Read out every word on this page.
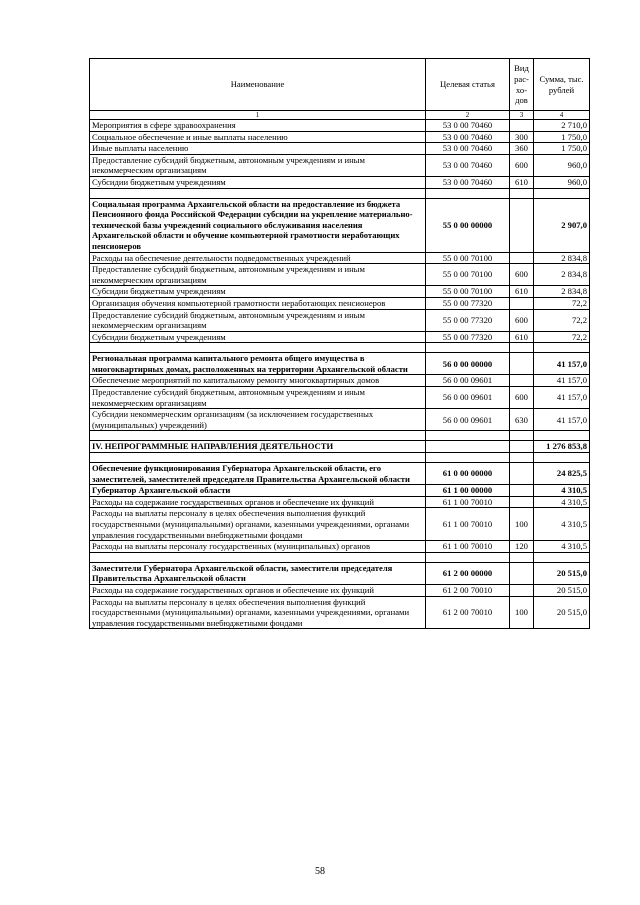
Наименование	Целевая статья	Вид рас-хо-дов	Сумма, тыс. рублей
1	2	3	4
Мероприятия в сфере здравоохранения	53 0 00 70460		2 710,0
Социальное обеспечение и иные выплаты населению	53 0 00 70460	300	1 750,0
Иные выплаты населению	53 0 00 70460	360	1 750,0
Предоставление субсидий бюджетным, автономным учреждениям и иным некоммерческим организациям	53 0 00 70460	600	960,0
Субсидии бюджетным учреждениям	53 0 00 70460	610	960,0

Социальная программа Архангельской области на предоставление из бюджета Пенсионного фонда Российской Федерации субсидии на укрепление материально-технической базы учреждений социального обслуживания населения Архангельской области и обучение компьютерной грамотности неработающих пенсионеров	55 0 00 00000		2 907,0
Расходы на обеспечение деятельности подведомственных учреждений	55 0 00 70100		2 834,8
Предоставление субсидий бюджетным, автономным учреждениям и иным некоммерческим организациям	55 0 00 70100	600	2 834,8
Субсидии бюджетным учреждениям	55 0 00 70100	610	2 834,8
Организация обучения компьютерной грамотности неработающих пенсионеров	55 0 00 77320		72,2
Предоставление субсидий бюджетным, автономным учреждениям и иным некоммерческим организациям	55 0 00 77320	600	72,2
Субсидии бюджетным учреждениям	55 0 00 77320	610	72,2

Региональная программа капитального ремонта общего имущества в многоквартирных домах, расположенных на территории Архангельской области	56 0 00 00000		41 157,0
Обеспечение мероприятий по капитальному ремонту многоквартирных домов	56 0 00 09601		41 157,0
Предоставление субсидий бюджетным, автономным учреждениям и иным некоммерческим организациям	56 0 00 09601	600	41 157,0
Субсидии некоммерческим организациям (за исключением государственных (муниципальных) учреждений)	56 0 00 09601	630	41 157,0

IV. НЕПРОГРАММНЫЕ НАПРАВЛЕНИЯ ДЕЯТЕЛЬНОСТИ			1 276 853,8

Обеспечение функционирования Губернатора Архангельской области, его заместителей, заместителей председателя Правительства Архангельской области	61 0 00 00000		24 825,5
Губернатор Архангельской области	61 1 00 00000		4 310,5
Расходы на содержание государственных органов и обеспечение их функций	61 1 00 70010		4 310,5
Расходы на выплаты персоналу в целях обеспечения выполнения функций государственными (муниципальными) органами, казенными учреждениями, органами управления государственными внебюджетными фондами	61 1 00 70010	100	4 310,5
Расходы на выплаты персоналу государственных (муниципальных) органов	61 1 00 70010	120	4 310,5

Заместители Губернатора Архангельской области, заместители председателя Правительства Архангельской области	61 2 00 00000		20 515,0
Расходы на содержание государственных органов и обеспечение их функций	61 2 00 70010		20 515,0
Расходы на выплаты персоналу в целях обеспечения выполнения функций государственными (муниципальными) органами, казенными учреждениями, органами управления государственными внебюджетными фондами	61 2 00 70010	100	20 515,0
58
